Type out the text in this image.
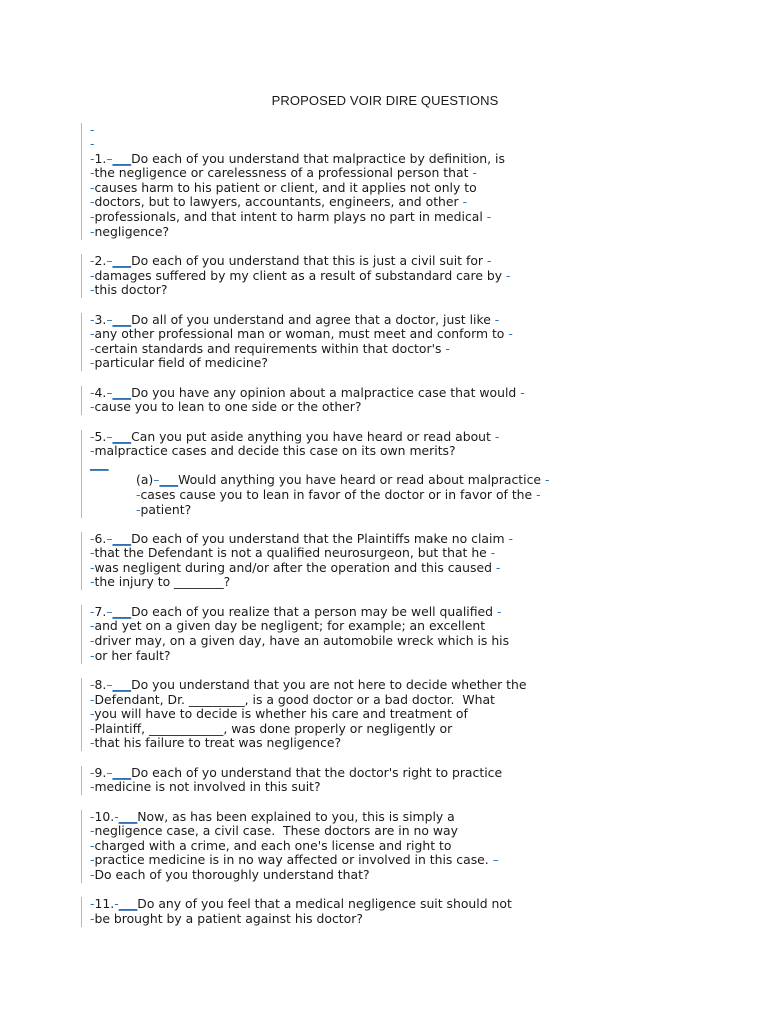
PROPOSED VOIR DIRE QUESTIONS
-
-
-1.–___Do each of you understand that malpractice by definition, is
-the negligence or carelessness of a professional person that -
-causes harm to his patient or client, and it applies not only to
-doctors, but to lawyers, accountants, engineers, and other -
-professionals, and that intent to harm plays no part in medical -
-negligence?
-2.–___Do each of you understand that this is just a civil suit for -
-damages suffered by my client as a result of substandard care by -
-this doctor?
-3.–___Do all of you understand and agree that a doctor, just like -
-any other professional man or woman, must meet and conform to -
-certain standards and requirements within that doctor's -
-particular field of medicine?
-4.–___Do you have any opinion about a malpractice case that would -
-cause you to lean to one side or the other?
-5.–___Can you put aside anything you have heard or read about -
-malpractice cases and decide this case on its own merits?
___
(a)–___Would anything you have heard or read about malpractice -
-cases cause you to lean in favor of the doctor or in favor of the -
-patient?
-6.–___Do each of you understand that the Plaintiffs make no claim -
-that the Defendant is not a qualified neurosurgeon, but that he -
-was negligent during and/or after the operation and this caused -
-the injury to ________?
-7.–___Do each of you realize that a person may be well qualified -
-and yet on a given day be negligent; for example; an excellent
-driver may, on a given day, have an automobile wreck which is his
-or her fault?
-8.–___Do you understand that you are not here to decide whether the
-Defendant, Dr. _________, is a good doctor or a bad doctor.  What
-you will have to decide is whether his care and treatment of
-Plaintiff, ____________, was done properly or negligently or
-that his failure to treat was negligence?
-9.–___Do each of yo understand that the doctor's right to practice
-medicine is not involved in this suit?
-10.-___Now, as has been explained to you, this is simply a
-negligence case, a civil case.  These doctors are in no way
-charged with a crime, and each one's license and right to
-practice medicine is in no way affected or involved in this case. –
-Do each of you thoroughly understand that?
-11.-___Do any of you feel that a medical negligence suit should not
-be brought by a patient against his doctor?
